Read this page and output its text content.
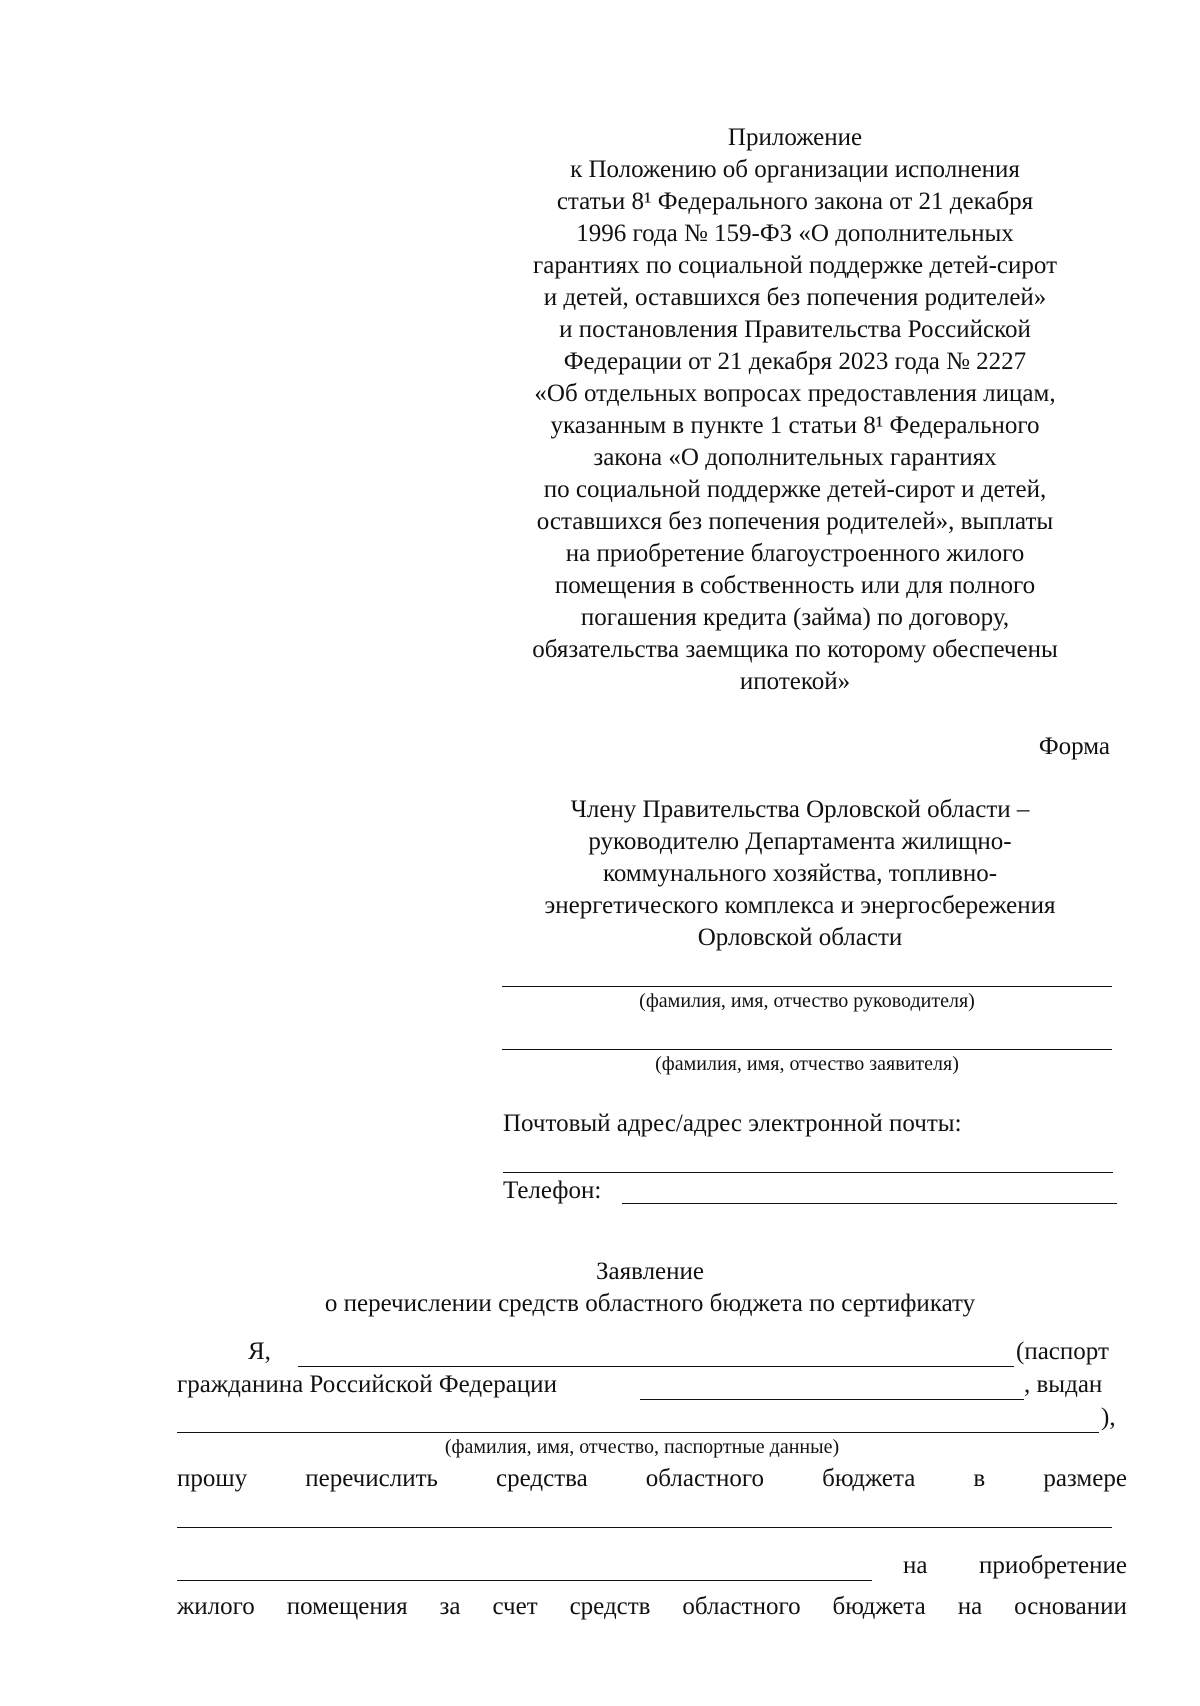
Приложение
к Положению об организации исполнения
статьи 8¹ Федерального закона от 21 декабря
1996 года № 159-ФЗ «О дополнительных
гарантиях по социальной поддержке детей-сирот
и детей, оставшихся без попечения родителей»
и постановления Правительства Российской
Федерации от 21 декабря 2023 года № 2227
«Об отдельных вопросах предоставления лицам,
указанным в пункте 1 статьи 8¹ Федерального
закона «О дополнительных гарантиях
по социальной поддержке детей-сирот и детей,
оставшихся без попечения родителей», выплаты
на приобретение благоустроенного жилого
помещения в собственность или для полного
погашения кредита (займа) по договору,
обязательства заемщика по которому обеспечены
ипотекой»
Форма
Члену Правительства Орловской области –
руководителю Департамента жилищно-
коммунального хозяйства, топливно-
энергетического комплекса и энергосбережения
Орловской области
(фамилия, имя, отчество руководителя)
(фамилия, имя, отчество заявителя)
Почтовый адрес/адрес электронной почты:
Телефон:
Заявление
о перечислении средств областного бюджета по сертификату
Я,	(паспорт
гражданина Российской Федерации	, выдан
),
(фамилия, имя, отчество, паспортные данные)
прошу перечислить средства областного бюджета в размере
на приобретение
жилого помещения за счет средств областного бюджета на основании
